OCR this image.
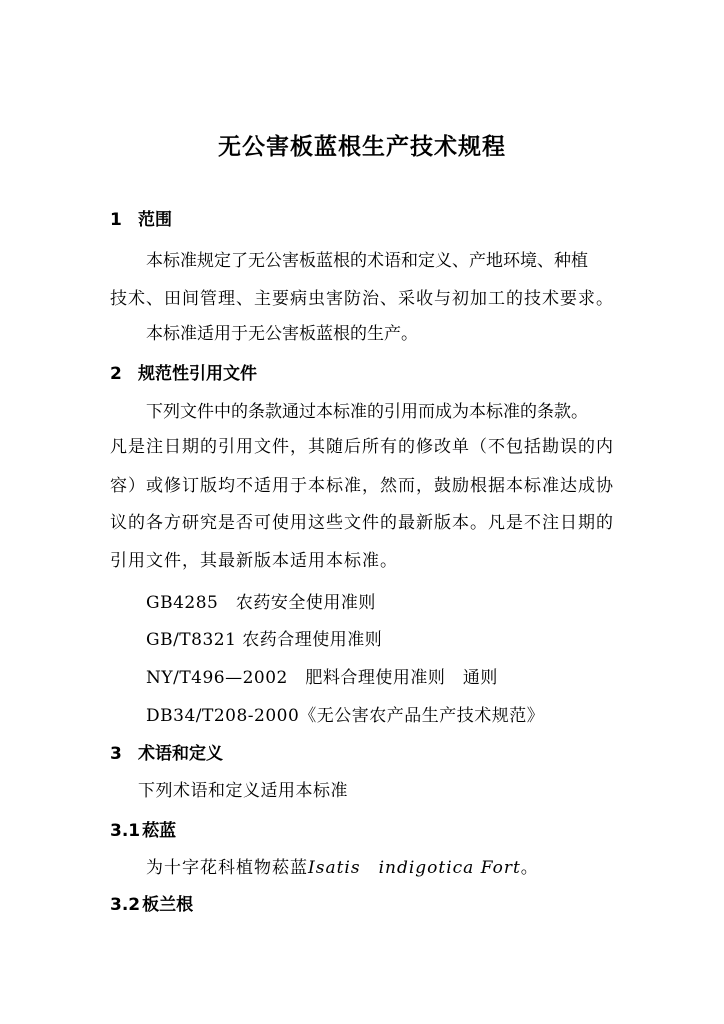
无公害板蓝根生产技术规程
1 范围
本标准规定了无公害板蓝根的术语和定义、产地环境、种植
技术、田间管理、主要病虫害防治、采收与初加工的技术要求。
本标准适用于无公害板蓝根的生产。
2 规范性引用文件
下列文件中的条款通过本标准的引用而成为本标准的条款。
凡是注日期的引用文件，其随后所有的修改单（不包括勘误的内
容）或修订版均不适用于本标准，然而，鼓励根据本标准达成协
议的各方研究是否可使用这些文件的最新版本。凡是不注日期的
引用文件，其最新版本适用本标准。
GB4285　农药安全使用准则
GB/T8321 农药合理使用准则
NY/T496—2002　肥料合理使用准则　通则
DB34/T208-2000《无公害农产品生产技术规范》
3 术语和定义
下列术语和定义适用本标准
3.1 菘蓝
为十字花科植物菘蓝Isatis　indigotica Fort。
3.2 板兰根
